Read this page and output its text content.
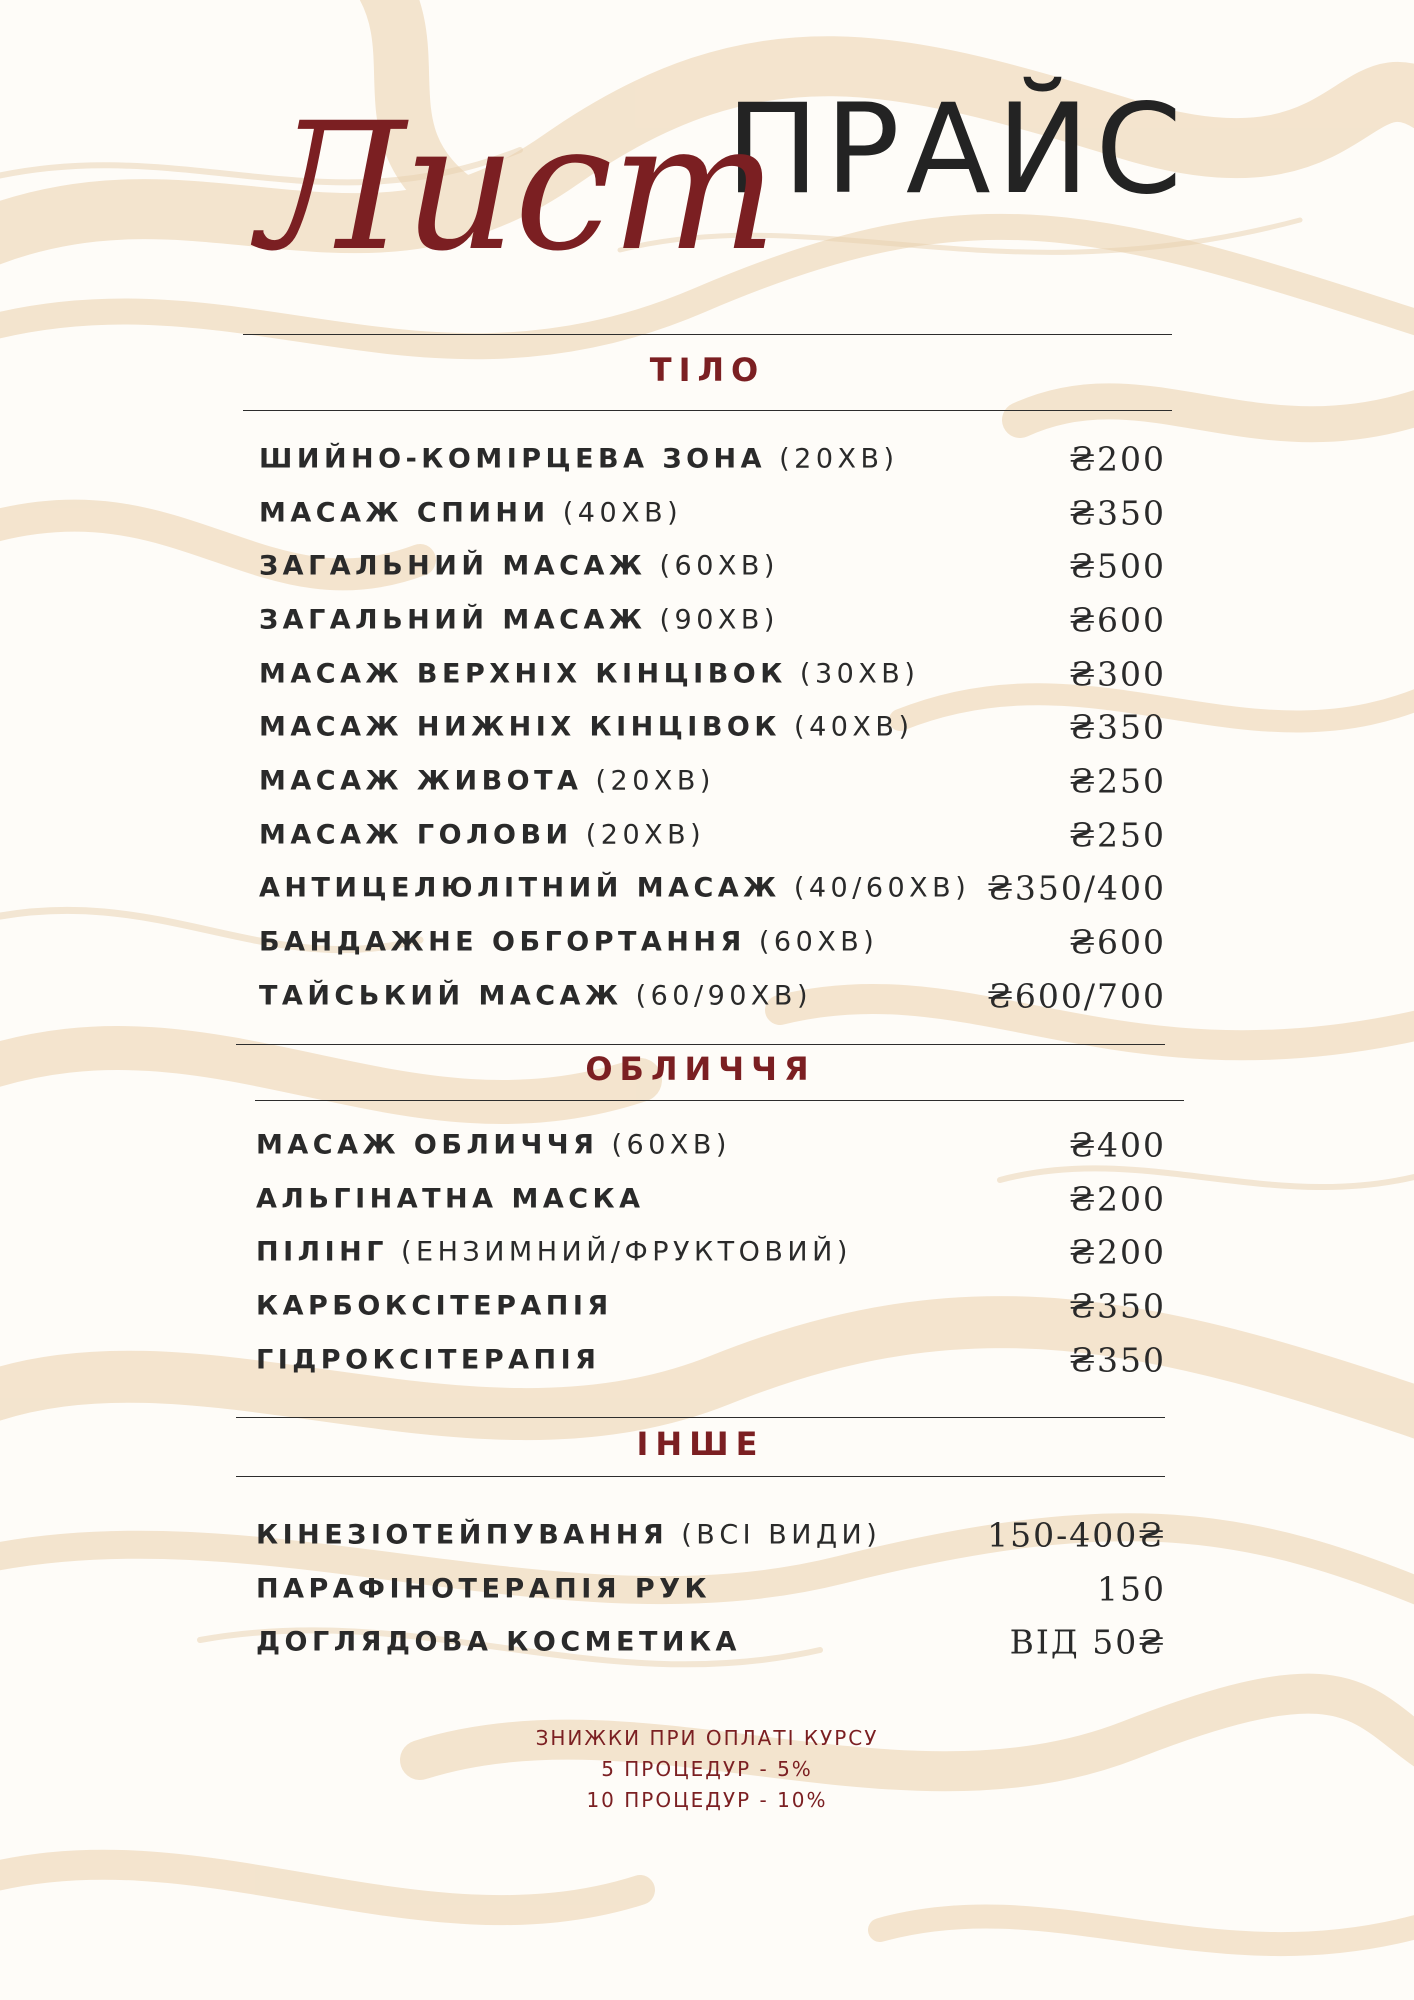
ПРАЙС
Лист
ТІЛО
ШИЙНО-КОМІРЦЕВА ЗОНА (20ХВ)	₴200
МАСАЖ СПИНИ (40ХВ)	₴350
ЗАГАЛЬНИЙ МАСАЖ (60ХВ)	₴500
ЗАГАЛЬНИЙ МАСАЖ (90ХВ)	₴600
МАСАЖ ВЕРХНІХ КІНЦІВОК (30ХВ)	₴300
МАСАЖ НИЖНІХ КІНЦІВОК (40ХВ)	₴350
МАСАЖ ЖИВОТА (20ХВ)	₴250
МАСАЖ ГОЛОВИ (20ХВ)	₴250
АНТИЦЕЛЮЛІТНИЙ МАСАЖ (40/60ХВ) ₴350/400
БАНДАЖНЕ ОБГОРТАННЯ (60ХВ)	₴600
ТАЙСЬКИЙ МАСАЖ (60/90ХВ)	₴600/700
ОБЛИЧЧЯ
МАСАЖ ОБЛИЧЧЯ (60ХВ)	₴400
АЛЬГІНАТНА МАСКА	₴200
ПІЛІНГ (ЕНЗИМНИЙ/ФРУКТОВИЙ)	₴200
КАРБОКСІТЕРАПІЯ	₴350
ГІДРОКСІТЕРАПІЯ	₴350
ІНШЕ
КІНЕЗІОТЕЙПУВАННЯ (ВСІ ВИДИ)	150-400₴
ПАРАФІНОТЕРАПІЯ РУК	150
ДОГЛЯДОВА КОСМЕТИКА	ВІД 50₴

ЗНИЖКИ ПРИ ОПЛАТІ КУРСУ

5 ПРОЦЕДУР - 5%

10 ПРОЦЕДУР - 10%
